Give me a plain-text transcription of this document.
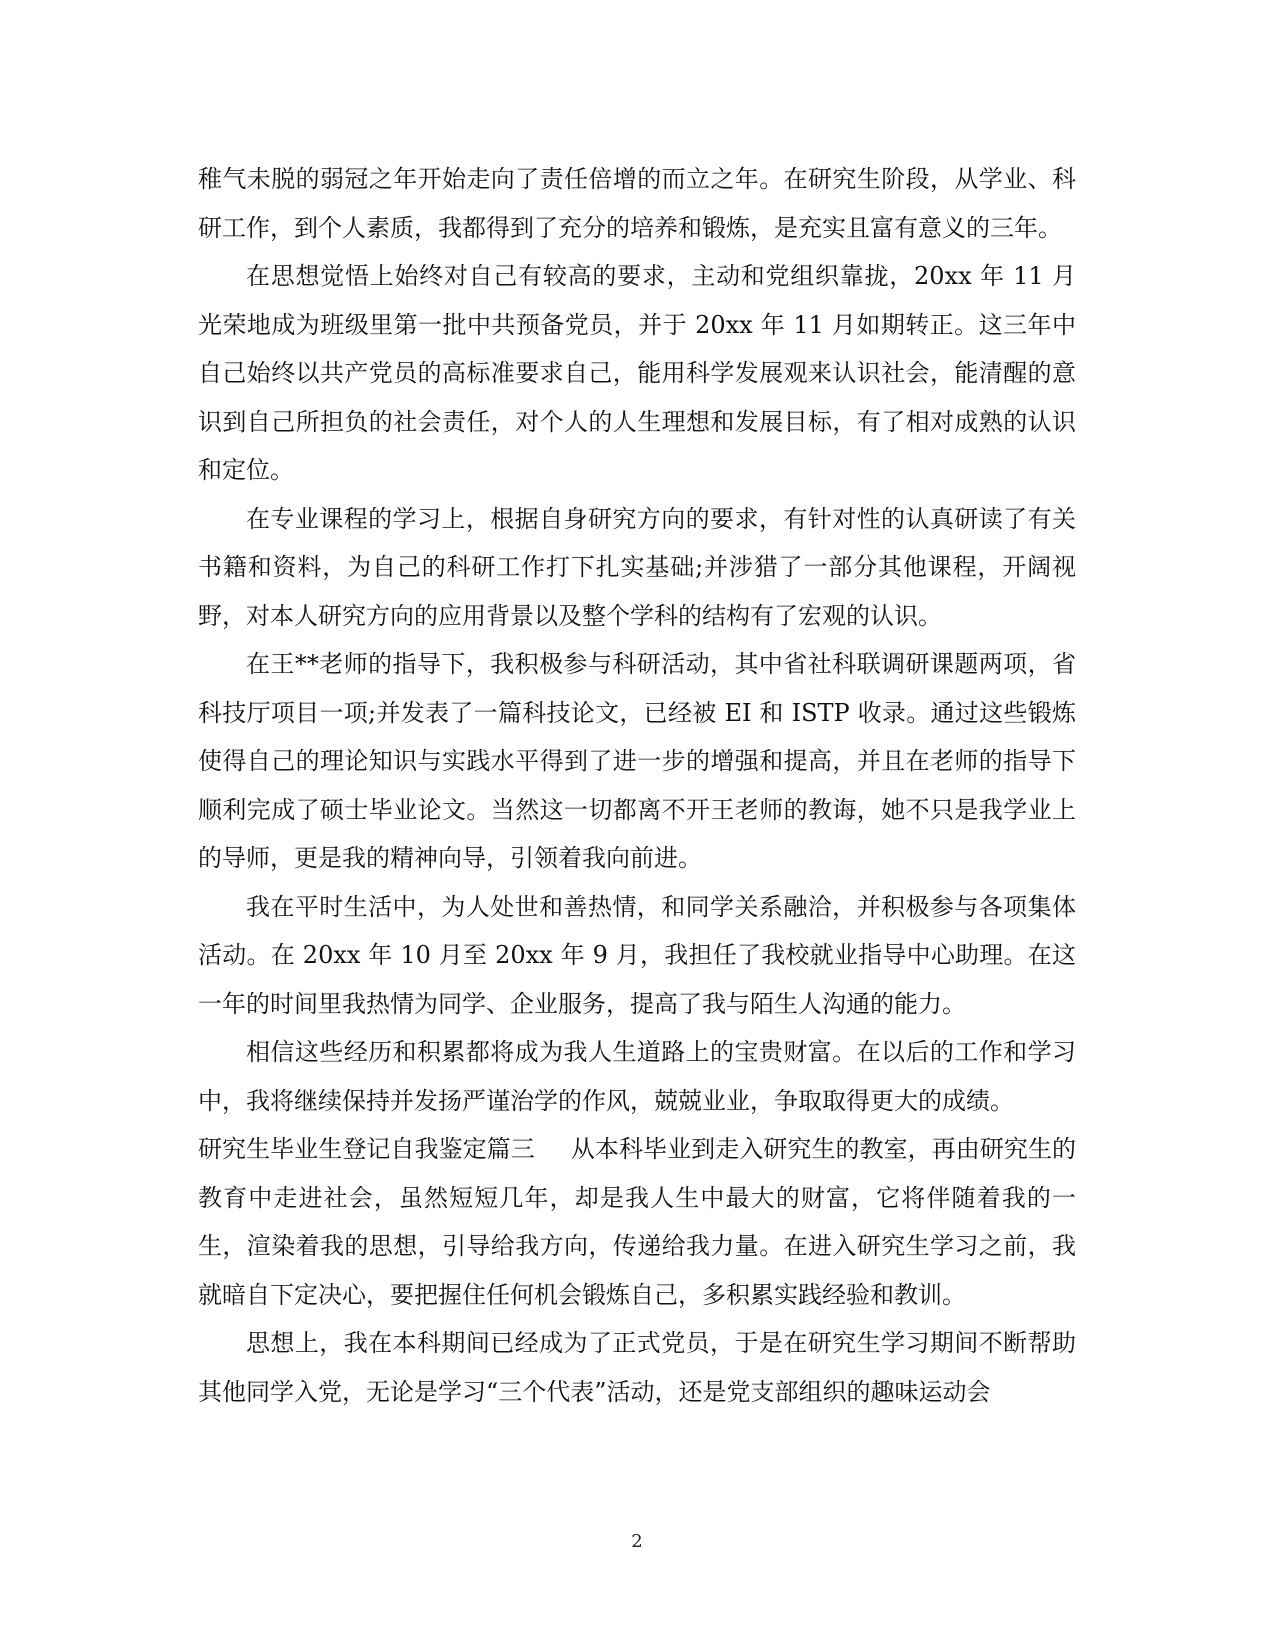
稚气未脱的弱冠之年开始走向了责任倍增的而立之年。在研究生阶段，从学业、科研工作，到个人素质，我都得到了充分的培养和锻炼，是充实且富有意义的三年。

在思想觉悟上始终对自己有较高的要求，主动和党组织靠拢，20xx 年 11 月光荣地成为班级里第一批中共预备党员，并于 20xx 年 11 月如期转正。这三年中自己始终以共产党员的高标准要求自己，能用科学发展观来认识社会，能清醒的意识到自己所担负的社会责任，对个人的人生理想和发展目标，有了相对成熟的认识和定位。

在专业课程的学习上，根据自身研究方向的要求，有针对性的认真研读了有关书籍和资料，为自己的科研工作打下扎实基础;并涉猎了一部分其他课程，开阔视野，对本人研究方向的应用背景以及整个学科的结构有了宏观的认识。

在王**老师的指导下，我积极参与科研活动，其中省社科联调研课题两项，省科技厅项目一项;并发表了一篇科技论文，已经被 EI 和 ISTP 收录。通过这些锻炼使得自己的理论知识与实践水平得到了进一步的增强和提高，并且在老师的指导下顺利完成了硕士毕业论文。当然这一切都离不开王老师的教诲，她不只是我学业上的导师，更是我的精神向导，引领着我向前进。

我在平时生活中，为人处世和善热情，和同学关系融洽，并积极参与各项集体活动。在 20xx 年 10 月至 20xx 年 9 月，我担任了我校就业指导中心助理。在这一年的时间里我热情为同学、企业服务，提高了我与陌生人沟通的能力。

相信这些经历和积累都将成为我人生道路上的宝贵财富。在以后的工作和学习中，我将继续保持并发扬严谨治学的作风，兢兢业业，争取取得更大的成绩。

研究生毕业生登记自我鉴定篇三 从本科毕业到走入研究生的教室，再由研究生的教育中走进社会，虽然短短几年，却是我人生中最大的财富，它将伴随着我的一生，渲染着我的思想，引导给我方向，传递给我力量。在进入研究生学习之前，我就暗自下定决心，要把握住任何机会锻炼自己，多积累实践经验和教训。

思想上，我在本科期间已经成为了正式党员，于是在研究生学习期间不断帮助其他同学入党，无论是学习“三个代表”活动，还是党支部组织的趣味运动会

2
